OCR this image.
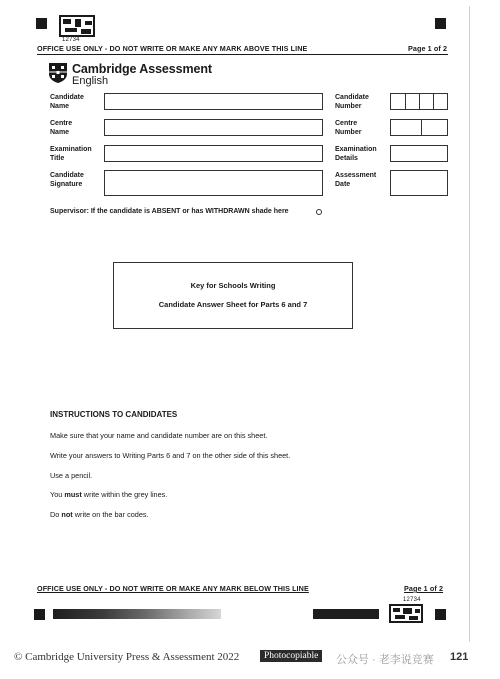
12734
OFFICE USE ONLY - DO NOT WRITE OR MAKE ANY MARK ABOVE THIS LINE	Page 1 of 2
Cambridge Assessment
English
Candidate
Name
Centre
Name
Examination
Title
Candidate
Signature
Candidate
Number
Centre
Number
Examination
Details
Assessment
Date
Supervisor: If the candidate is ABSENT or has WITHDRAWN shade here
Key for Schools Writing
Candidate Answer Sheet for Parts 6 and 7
INSTRUCTIONS TO CANDIDATES
Make sure that your name and candidate number are on this sheet.
Write your answers to Writing Parts 6 and 7 on the other side of this sheet.
Use a pencil.
You must write within the grey lines.
Do not write on the bar codes.
OFFICE USE ONLY - DO NOT WRITE OR MAKE ANY MARK BELOW THIS LINE	Page 1 of 2
12734
© Cambridge University Press & Assessment 2022	Photocopiable	公众号 · 老李说竞赛 121
